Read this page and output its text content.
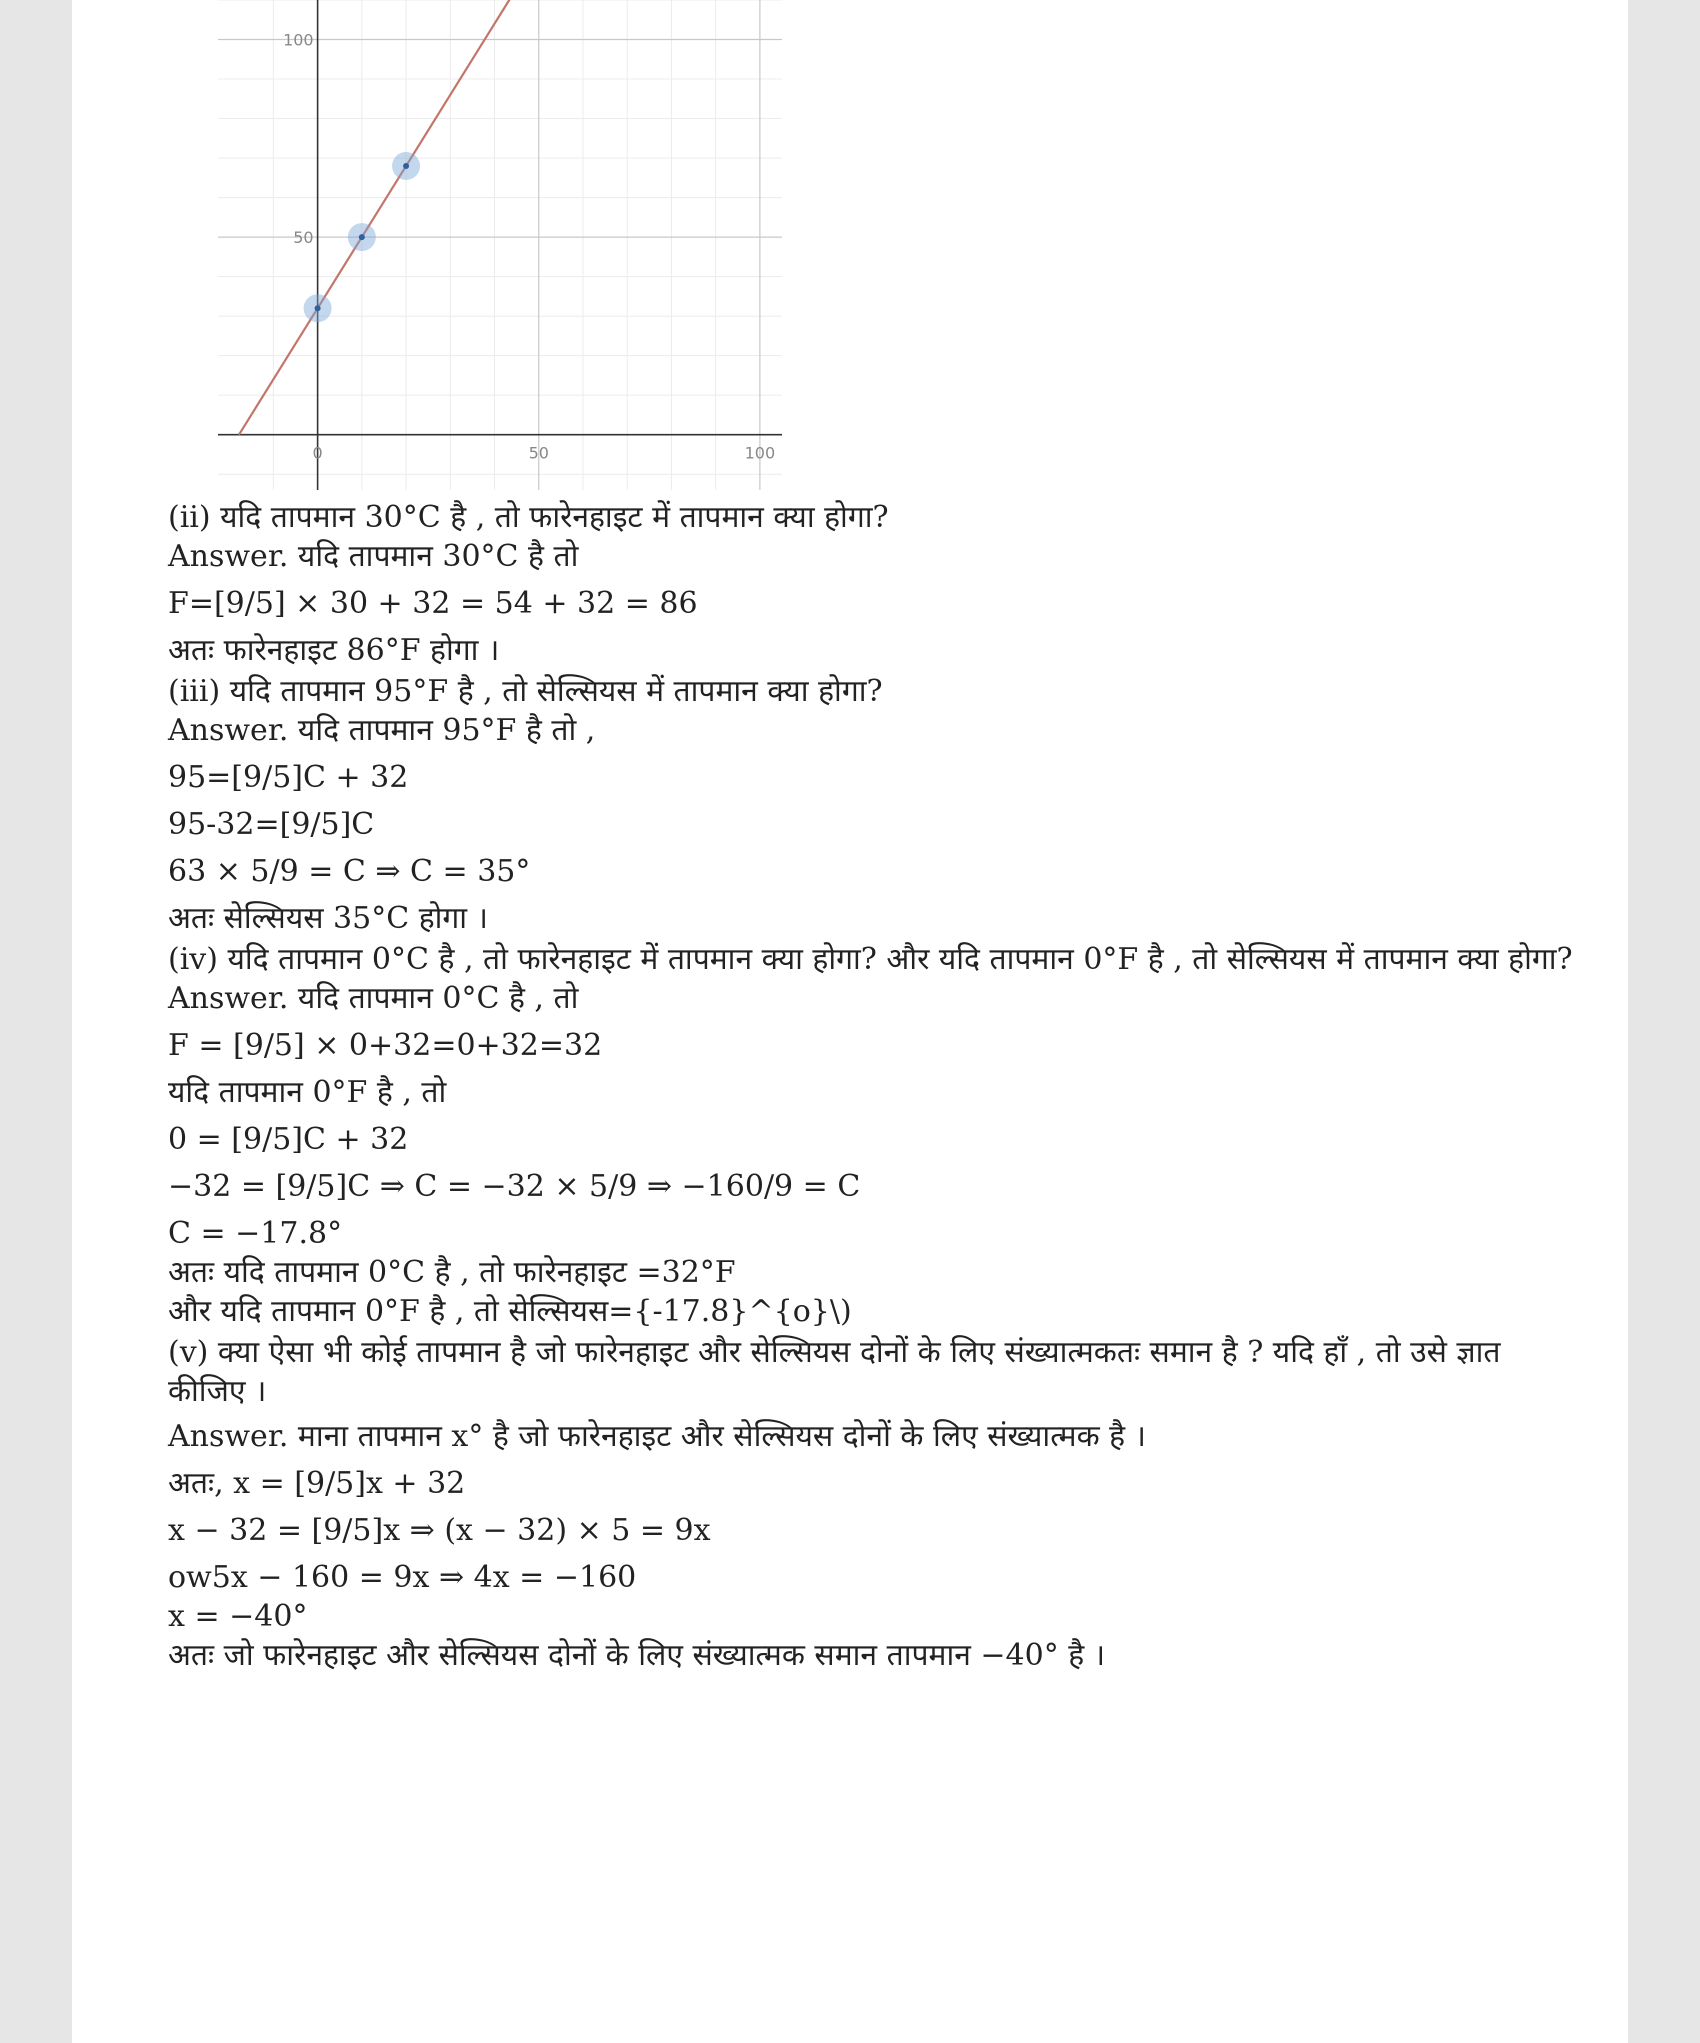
0	50	100
50
100
(ii) यदि तापमान 30°C है , तो फारेनहाइट में तापमान क्या होगा?
Answer. यदि तापमान 30°C है तो
F=[9/5] × 30 + 32 = 54 + 32 = 86
अतः फारेनहाइट 86°F होगा ।
(iii) यदि तापमान 95°F है , तो सेल्सियस में तापमान क्या होगा?
Answer. यदि तापमान 95°F है तो ,
95=[9/5]C + 32
95-32=[9/5]C
63 × 5/9 = C ⇒ C = 35°
अतः सेल्सियस 35°C होगा ।
(iv) यदि तापमान 0°C है , तो फारेनहाइट में तापमान क्या होगा? और यदि तापमान 0°F है , तो सेल्सियस में तापमान क्या होगा?
Answer. यदि तापमान 0°C है , तो
F = [9/5] × 0+32=0+32=32
यदि तापमान 0°F है , तो
0 = [9/5]C + 32
−32 = [9/5]C ⇒ C = −32 × 5/9 ⇒ −160/9 = C
C = −17.8°
अतः यदि तापमान 0°C है , तो फारेनहाइट =32°F
और यदि तापमान 0°F है , तो सेल्सियस={-17.8}^{o}\)
(v) क्या ऐसा भी कोई तापमान है जो फारेनहाइट और सेल्सियस दोनों के लिए संख्यात्मकतः समान है ? यदि हाँ , तो उसे ज्ञात कीजिए ।
Answer. माना तापमान x° है जो फारेनहाइट और सेल्सियस दोनों के लिए संख्यात्मक है ।
अतः, x = [9/5]x + 32
x − 32 = [9/5]x ⇒ (x − 32) × 5 = 9x
ow5x − 160 = 9x ⇒ 4x = −160
x = −40°
अतः जो फारेनहाइट और सेल्सियस दोनों के लिए संख्यात्मक समान तापमान −40° है ।
